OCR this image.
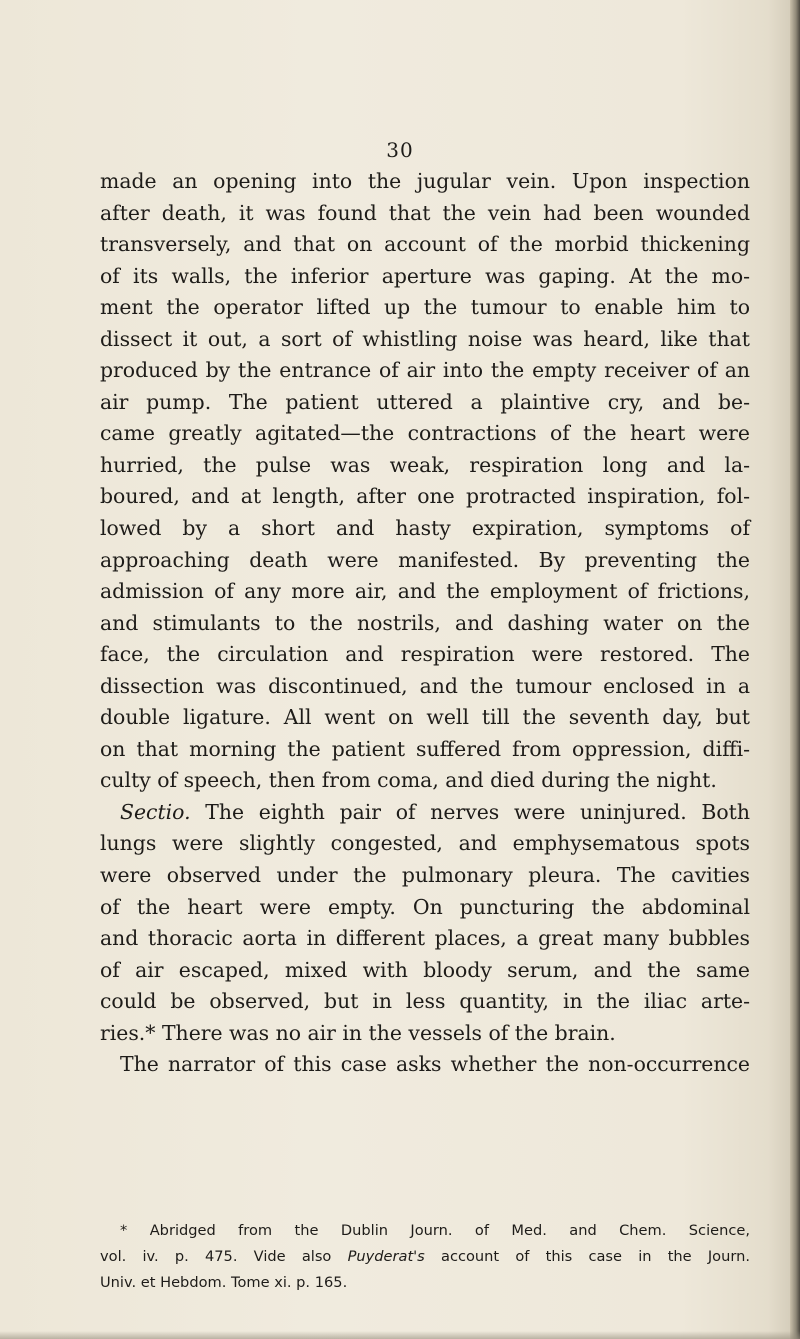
30
made an opening into the jugular vein. Upon inspection
after death, it was found that the vein had been wounded
transversely, and that on account of the morbid thickening
of its walls, the inferior aperture was gaping. At the mo-
ment the operator lifted up the tumour to enable him to
dissect it out, a sort of whistling noise was heard, like that
produced by the entrance of air into the empty receiver of an
air pump. The patient uttered a plaintive cry, and be-
came greatly agitated—the contractions of the heart were
hurried, the pulse was weak, respiration long and la-
boured, and at length, after one protracted inspiration, fol-
lowed by a short and hasty expiration, symptoms of
approaching death were manifested. By preventing the
admission of any more air, and the employment of frictions,
and stimulants to the nostrils, and dashing water on the
face, the circulation and respiration were restored. The
dissection was discontinued, and the tumour enclosed in a
double ligature. All went on well till the seventh day, but
on that morning the patient suffered from oppression, diffi-
culty of speech, then from coma, and died during the night.
Sectio. The eighth pair of nerves were uninjured. Both
lungs were slightly congested, and emphysematous spots
were observed under the pulmonary pleura. The cavities
of the heart were empty. On puncturing the abdominal
and thoracic aorta in different places, a great many bubbles
of air escaped, mixed with bloody serum, and the same
could be observed, but in less quantity, in the iliac arte-
ries.* There was no air in the vessels of the brain.
The narrator of this case asks whether the non-occurrence
* Abridged from the Dublin Journ. of Med. and Chem. Science,
vol. iv. p. 475. Vide also Puyderat's account of this case in the Journ.
Univ. et Hebdom. Tome xi. p. 165.
